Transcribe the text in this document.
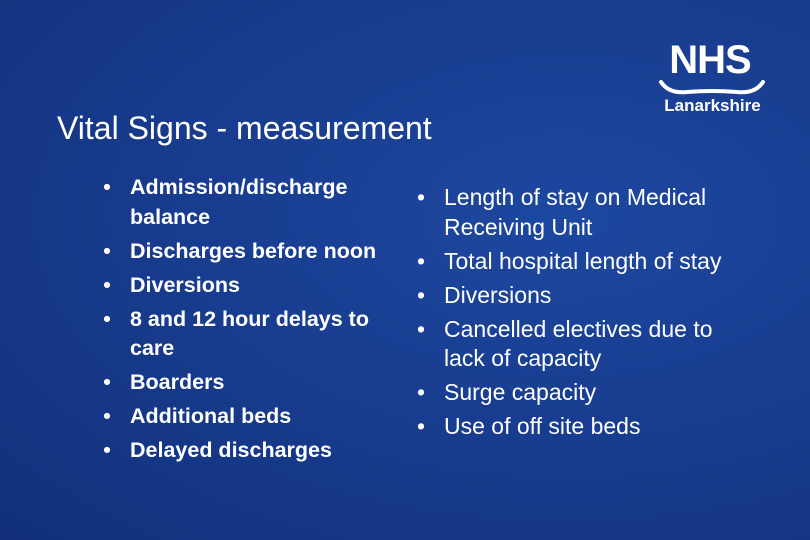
NHS
Lanarkshire
Vital Signs - measurement
• Admission/discharge balance
• Discharges before noon
• Diversions
• 8 and 12 hour delays to care
• Boarders
• Additional beds
• Delayed discharges
• Length of stay on Medical Receiving Unit
• Total hospital length of stay
• Diversions
• Cancelled electives due to lack of capacity
• Surge capacity
• Use of off site beds
